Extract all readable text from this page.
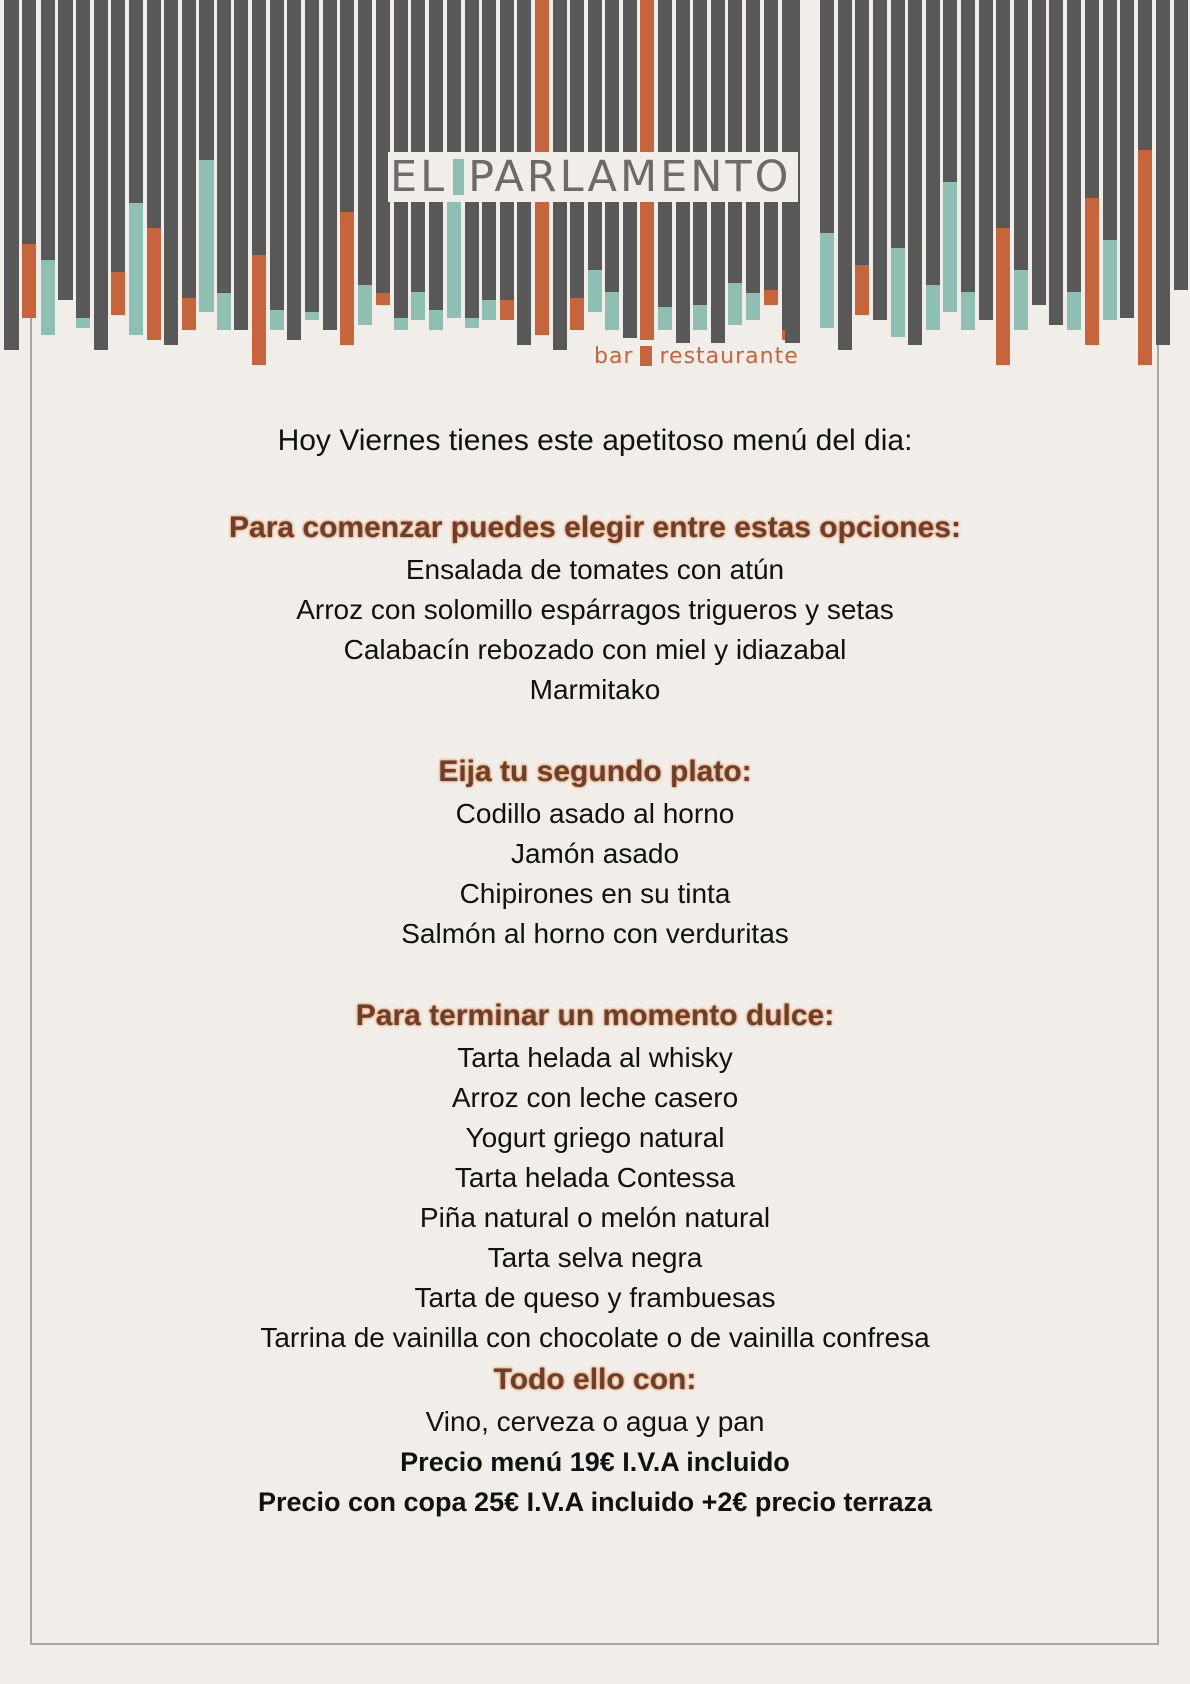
EL PARLAMENTO
bar restaurante

Hoy Viernes tienes este apetitoso menú del dia:

Para comenzar puedes elegir entre estas opciones:

Ensalada de tomates con atún

Arroz con solomillo espárragos trigueros y setas

Calabacín rebozado con miel y idiazabal

Marmitako

Eija tu segundo plato:

Codillo asado al horno

Jamón asado

Chipirones en su tinta

Salmón al horno con verduritas

Para terminar un momento dulce:

Tarta helada al whisky

Arroz con leche casero

Yogurt griego natural

Tarta helada Contessa

Piña natural o melón natural

Tarta selva negra

Tarta de queso y frambuesas

Tarrina de vainilla con chocolate o de vainilla confresa

Todo ello con:

Vino, cerveza o agua y pan

Precio menú 19€ I.V.A incluido

Precio con copa 25€ I.V.A incluido +2€ precio terraza
